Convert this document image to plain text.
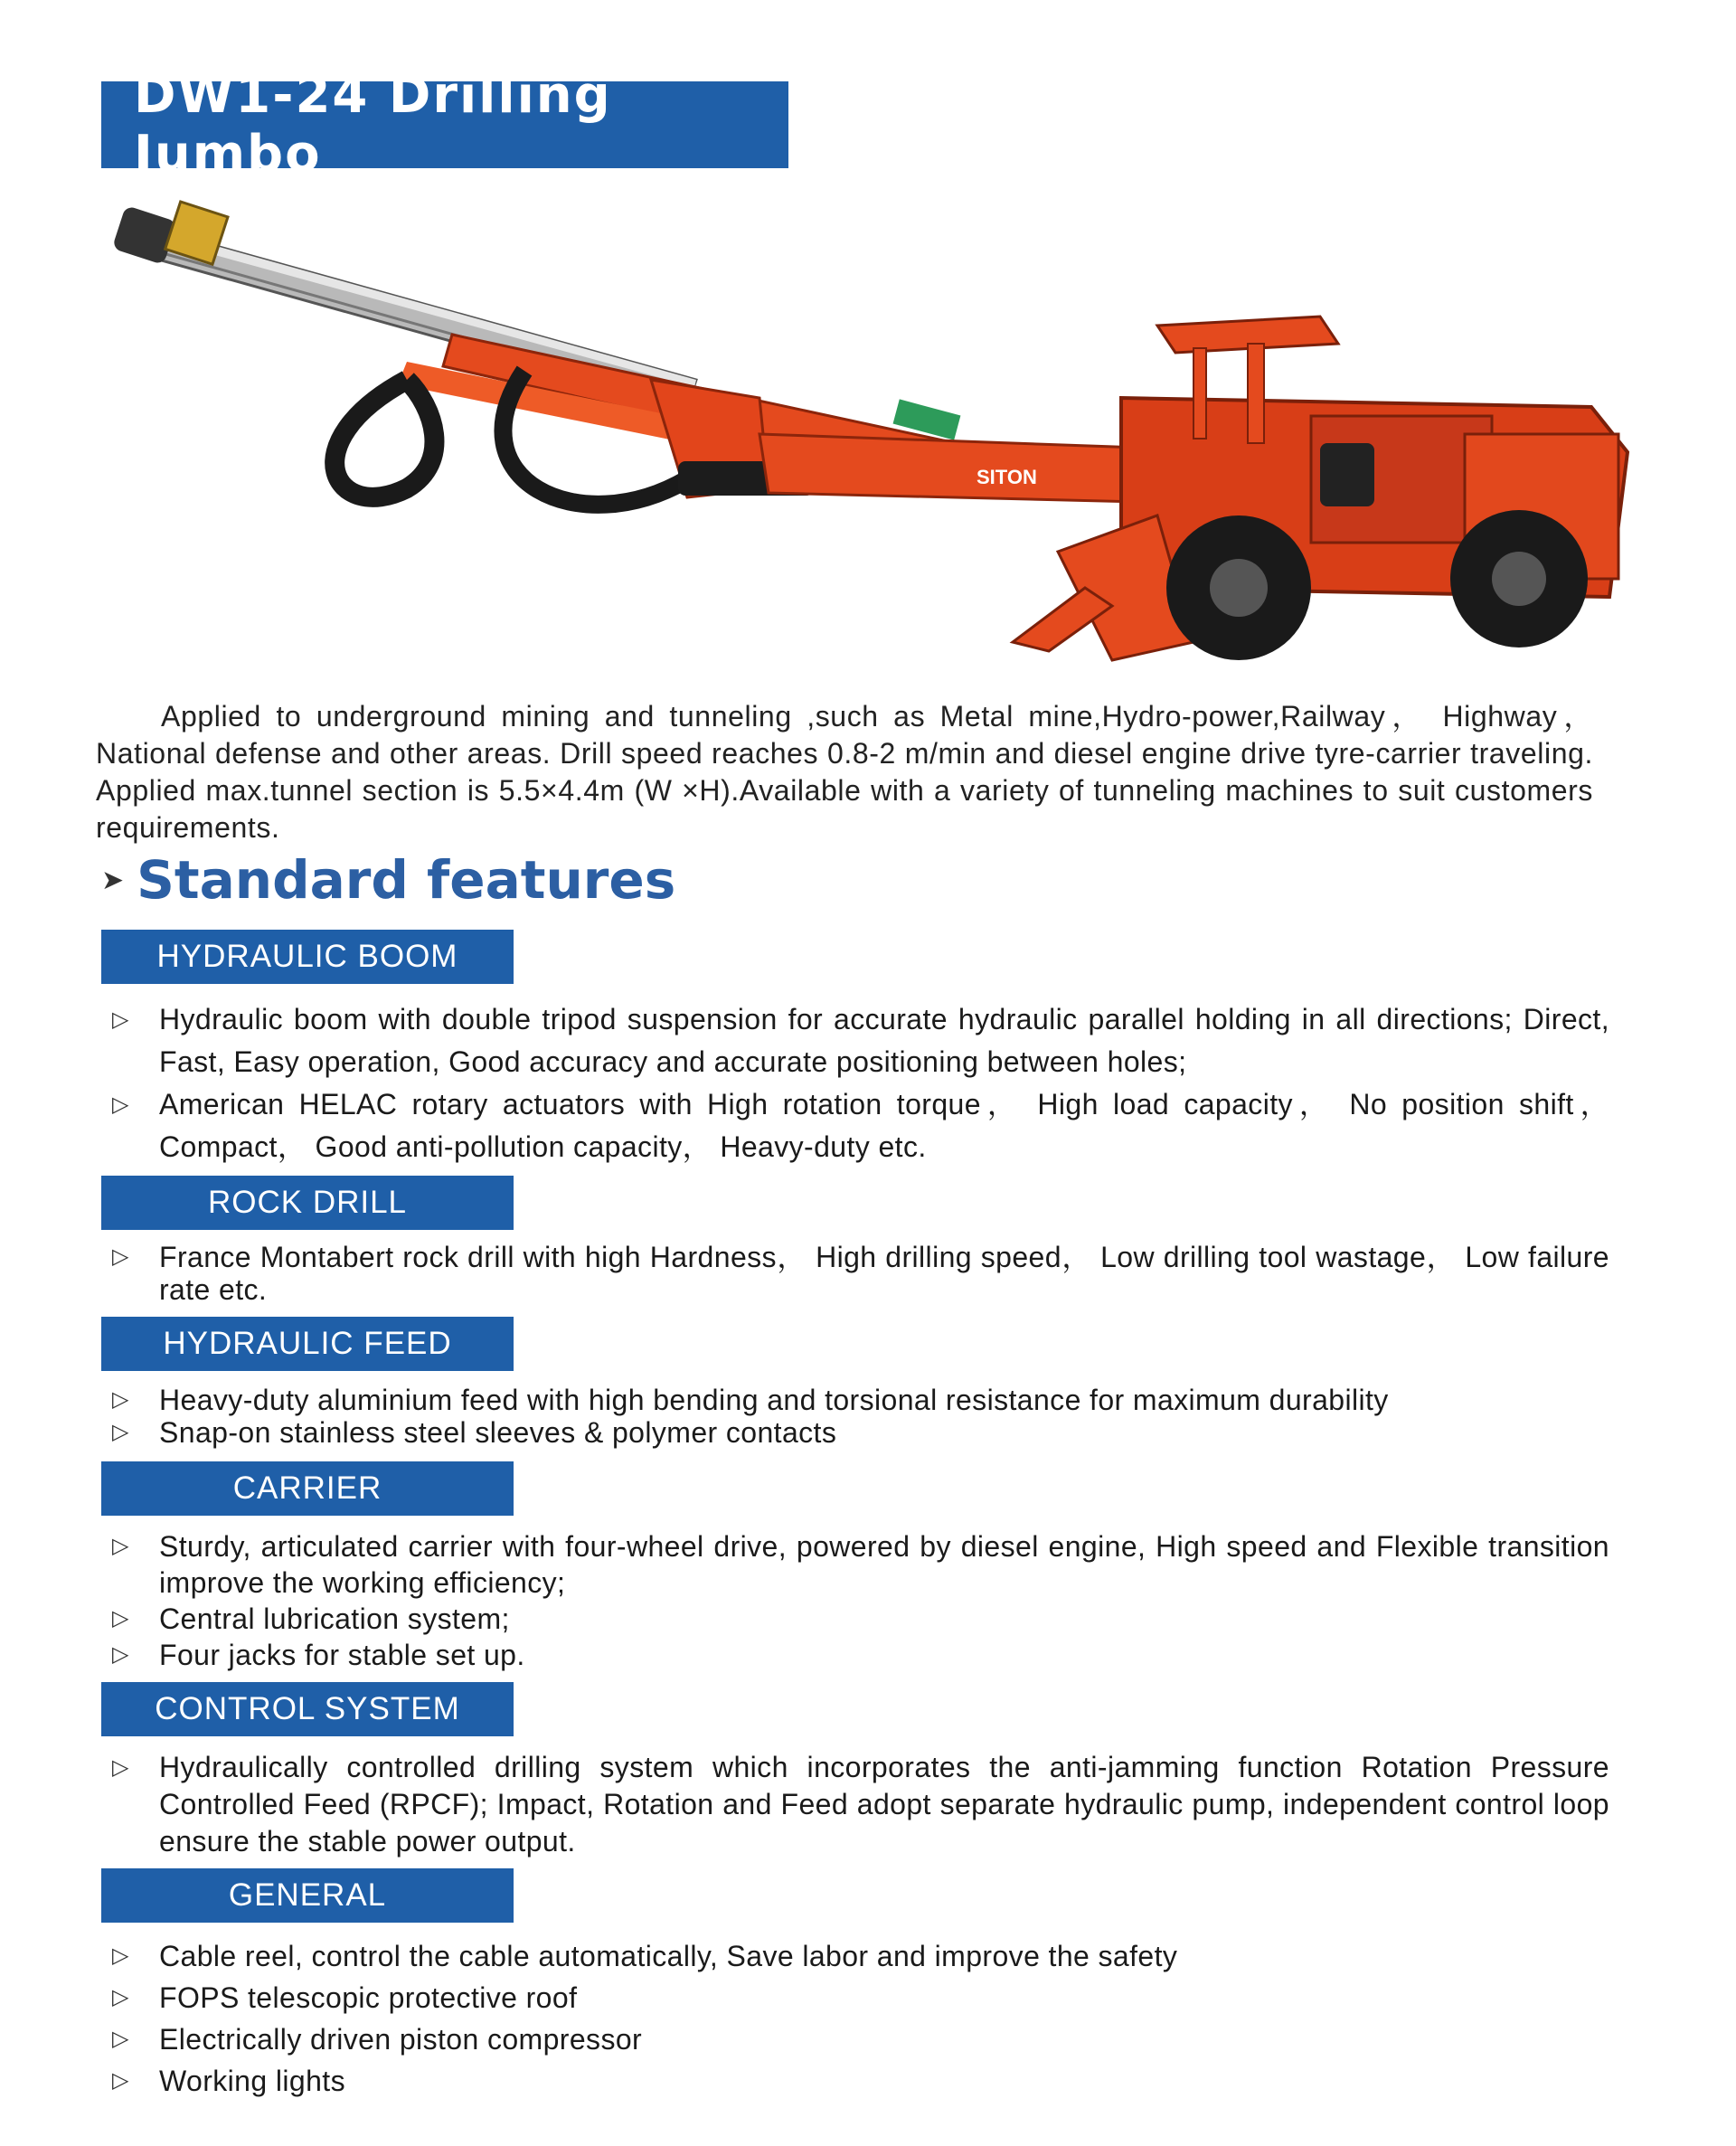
DW1-24 Drilling Jumbo
SITON
Applied to underground mining and tunneling ,such as Metal mine,Hydro-power,Railway， Highway， National defense and other areas. Drill speed reaches 0.8-2 m/min and diesel engine drive tyre-carrier traveling. Applied max.tunnel section is 5.5×4.4m (W ×H).Available with a variety of tunneling machines to suit customers requirements.
➤ Standard features
HYDRAULIC BOOM
▷ Hydraulic boom with double tripod suspension for accurate hydraulic parallel holding in all directions; Direct, Fast, Easy operation, Good accuracy and accurate positioning between holes;
▷ American HELAC rotary actuators with High rotation torque， High load capacity， No position shift， Compact， Good anti-pollution capacity， Heavy-duty etc.
ROCK DRILL
▷ France Montabert rock drill with high Hardness， High drilling speed， Low drilling tool wastage， Low failure rate etc.
HYDRAULIC FEED
▷ Heavy-duty aluminium feed with high bending and torsional resistance for maximum durability
▷ Snap-on stainless steel sleeves & polymer contacts
CARRIER
▷ Sturdy, articulated carrier with four-wheel drive, powered by diesel engine, High speed and Flexible transition improve the working efficiency;
▷ Central lubrication system;
▷ Four jacks for stable set up.
CONTROL SYSTEM
▷ Hydraulically controlled drilling system which incorporates the anti-jamming function Rotation Pressure Controlled Feed (RPCF); Impact, Rotation and Feed adopt separate hydraulic pump, independent control loop ensure the stable power output.
GENERAL
▷ Cable reel, control the cable automatically, Save labor and improve the safety
▷ FOPS telescopic protective roof
▷ Electrically driven piston compressor
▷ Working lights
